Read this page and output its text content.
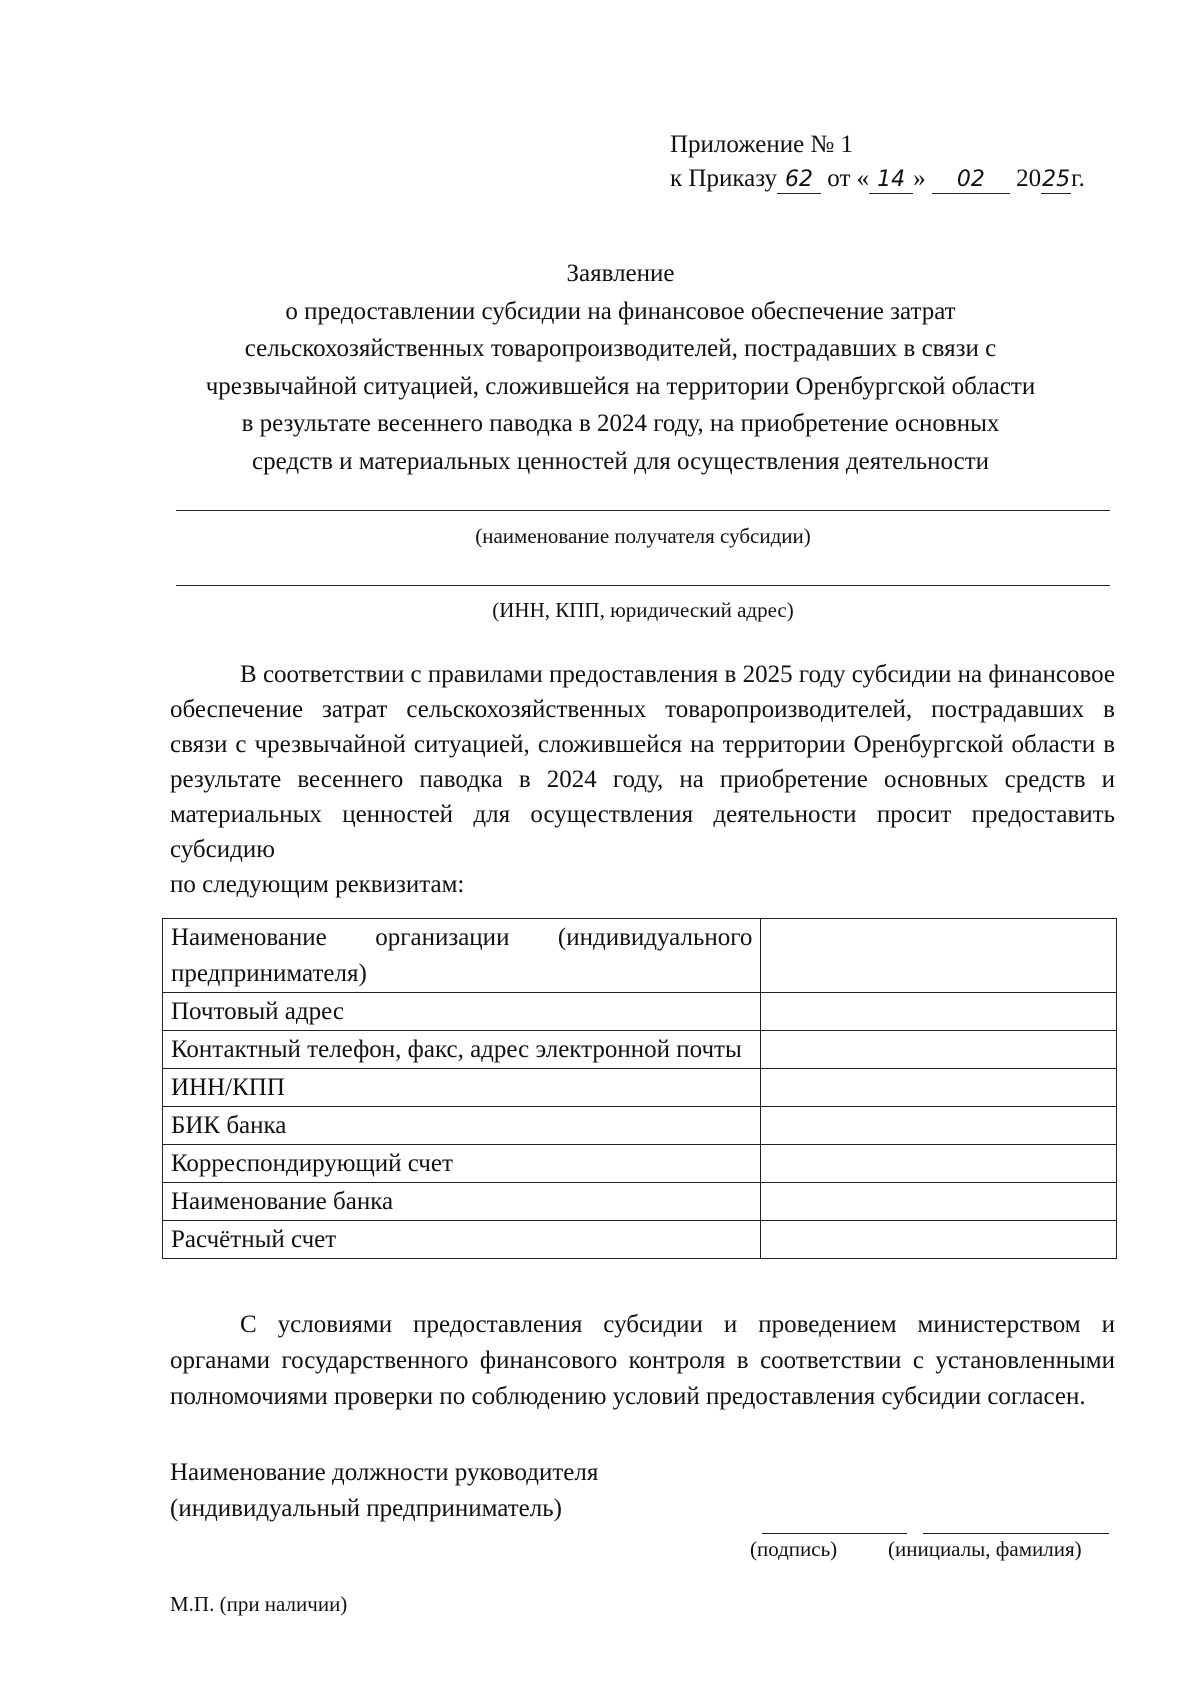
Приложение № 1
к Приказу 62 от « 14 » 02 2025г.
Заявление
о предоставлении субсидии на финансовое обеспечение затрат
сельскохозяйственных товаропроизводителей, пострадавших в связи с
чрезвычайной ситуацией, сложившейся на территории Оренбургской области
в результате весеннего паводка в 2024 году, на приобретение основных
средств и материальных ценностей для осуществления деятельности
(наименование получателя субсидии)
(ИНН, КПП, юридический адрес)

В соответствии с правилами предоставления в 2025 году субсидии на финансовое обеспечение затрат сельскохозяйственных товаропроизводителей, пострадавших в связи с чрезвычайной ситуацией, сложившейся на территории Оренбургской области в результате весеннего паводка в 2024 году, на приобретение основных средств и материальных ценностей для осуществления деятельности просит предоставить субсидию

по следующим реквизитам:

Наименование организации (индивидуального предпринимателя)	
Почтовый адрес	
Контактный телефон, факс, адрес электронной почты	
ИНН/КПП	
БИК банка	
Корреспондирующий счет	
Наименование банка	
Расчётный счет	

С условиями предоставления субсидии и проведением министерством и органами государственного финансового контроля в соответствии с установленными полномочиями проверки по соблюдению условий предоставления субсидии согласен.

Наименование должности руководителя
(индивидуальный предприниматель)
(подпись) (инициалы, фамилия)
М.П. (при наличии)
